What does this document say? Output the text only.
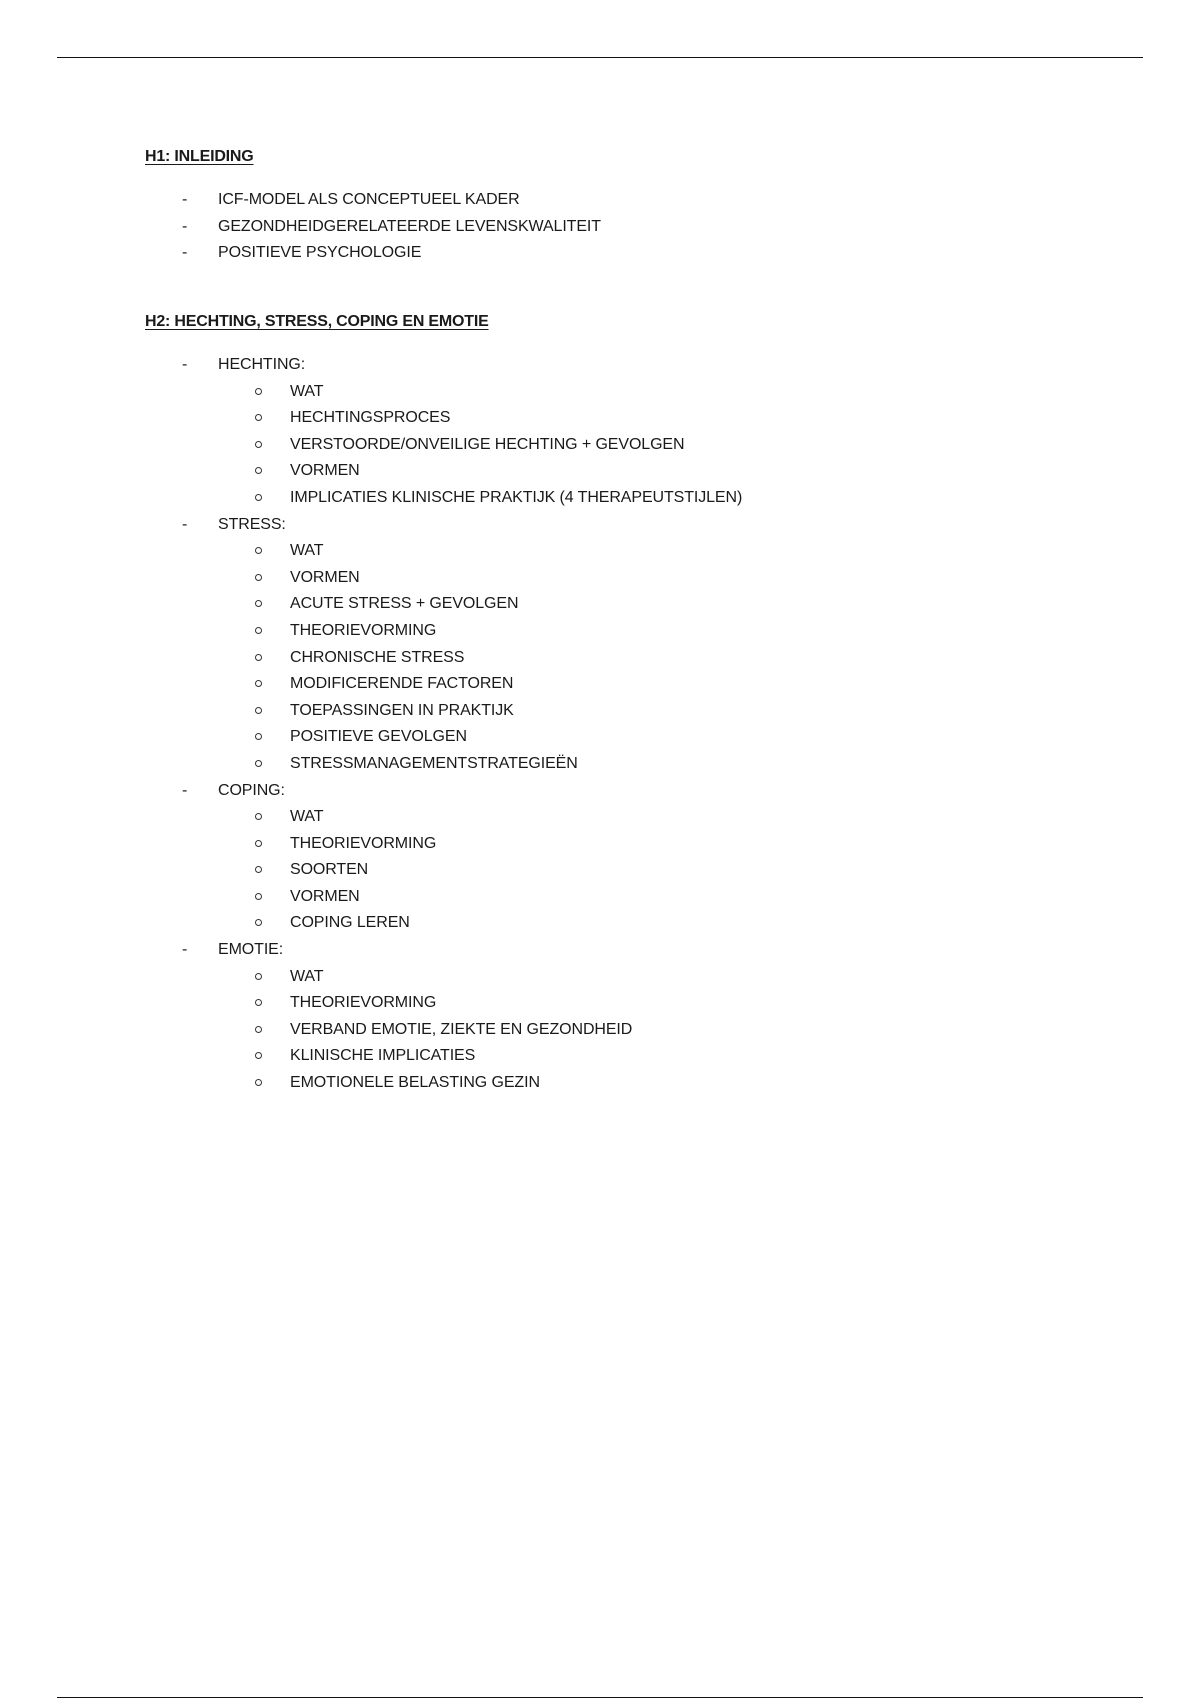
H1: INLEIDING
- ICF-MODEL ALS CONCEPTUEEL KADER
- GEZONDHEIDGERELATEERDE LEVENSKWALITEIT
- POSITIEVE PSYCHOLOGIE
H2: HECHTING, STRESS, COPING EN EMOTIE
- HECHTING:
WAT
HECHTINGSPROCES
VERSTOORDE/ONVEILIGE HECHTING + GEVOLGEN
VORMEN
IMPLICATIES KLINISCHE PRAKTIJK (4 THERAPEUTSTIJLEN)
- STRESS:
WAT
VORMEN
ACUTE STRESS + GEVOLGEN
THEORIEVORMING
CHRONISCHE STRESS
MODIFICERENDE FACTOREN
TOEPASSINGEN IN PRAKTIJK
POSITIEVE GEVOLGEN
STRESSMANAGEMENTSTRATEGIEËN
- COPING:
WAT
THEORIEVORMING
SOORTEN
VORMEN
COPING LEREN
- EMOTIE:
WAT
THEORIEVORMING
VERBAND EMOTIE, ZIEKTE EN GEZONDHEID
KLINISCHE IMPLICATIES
EMOTIONELE BELASTING GEZIN
